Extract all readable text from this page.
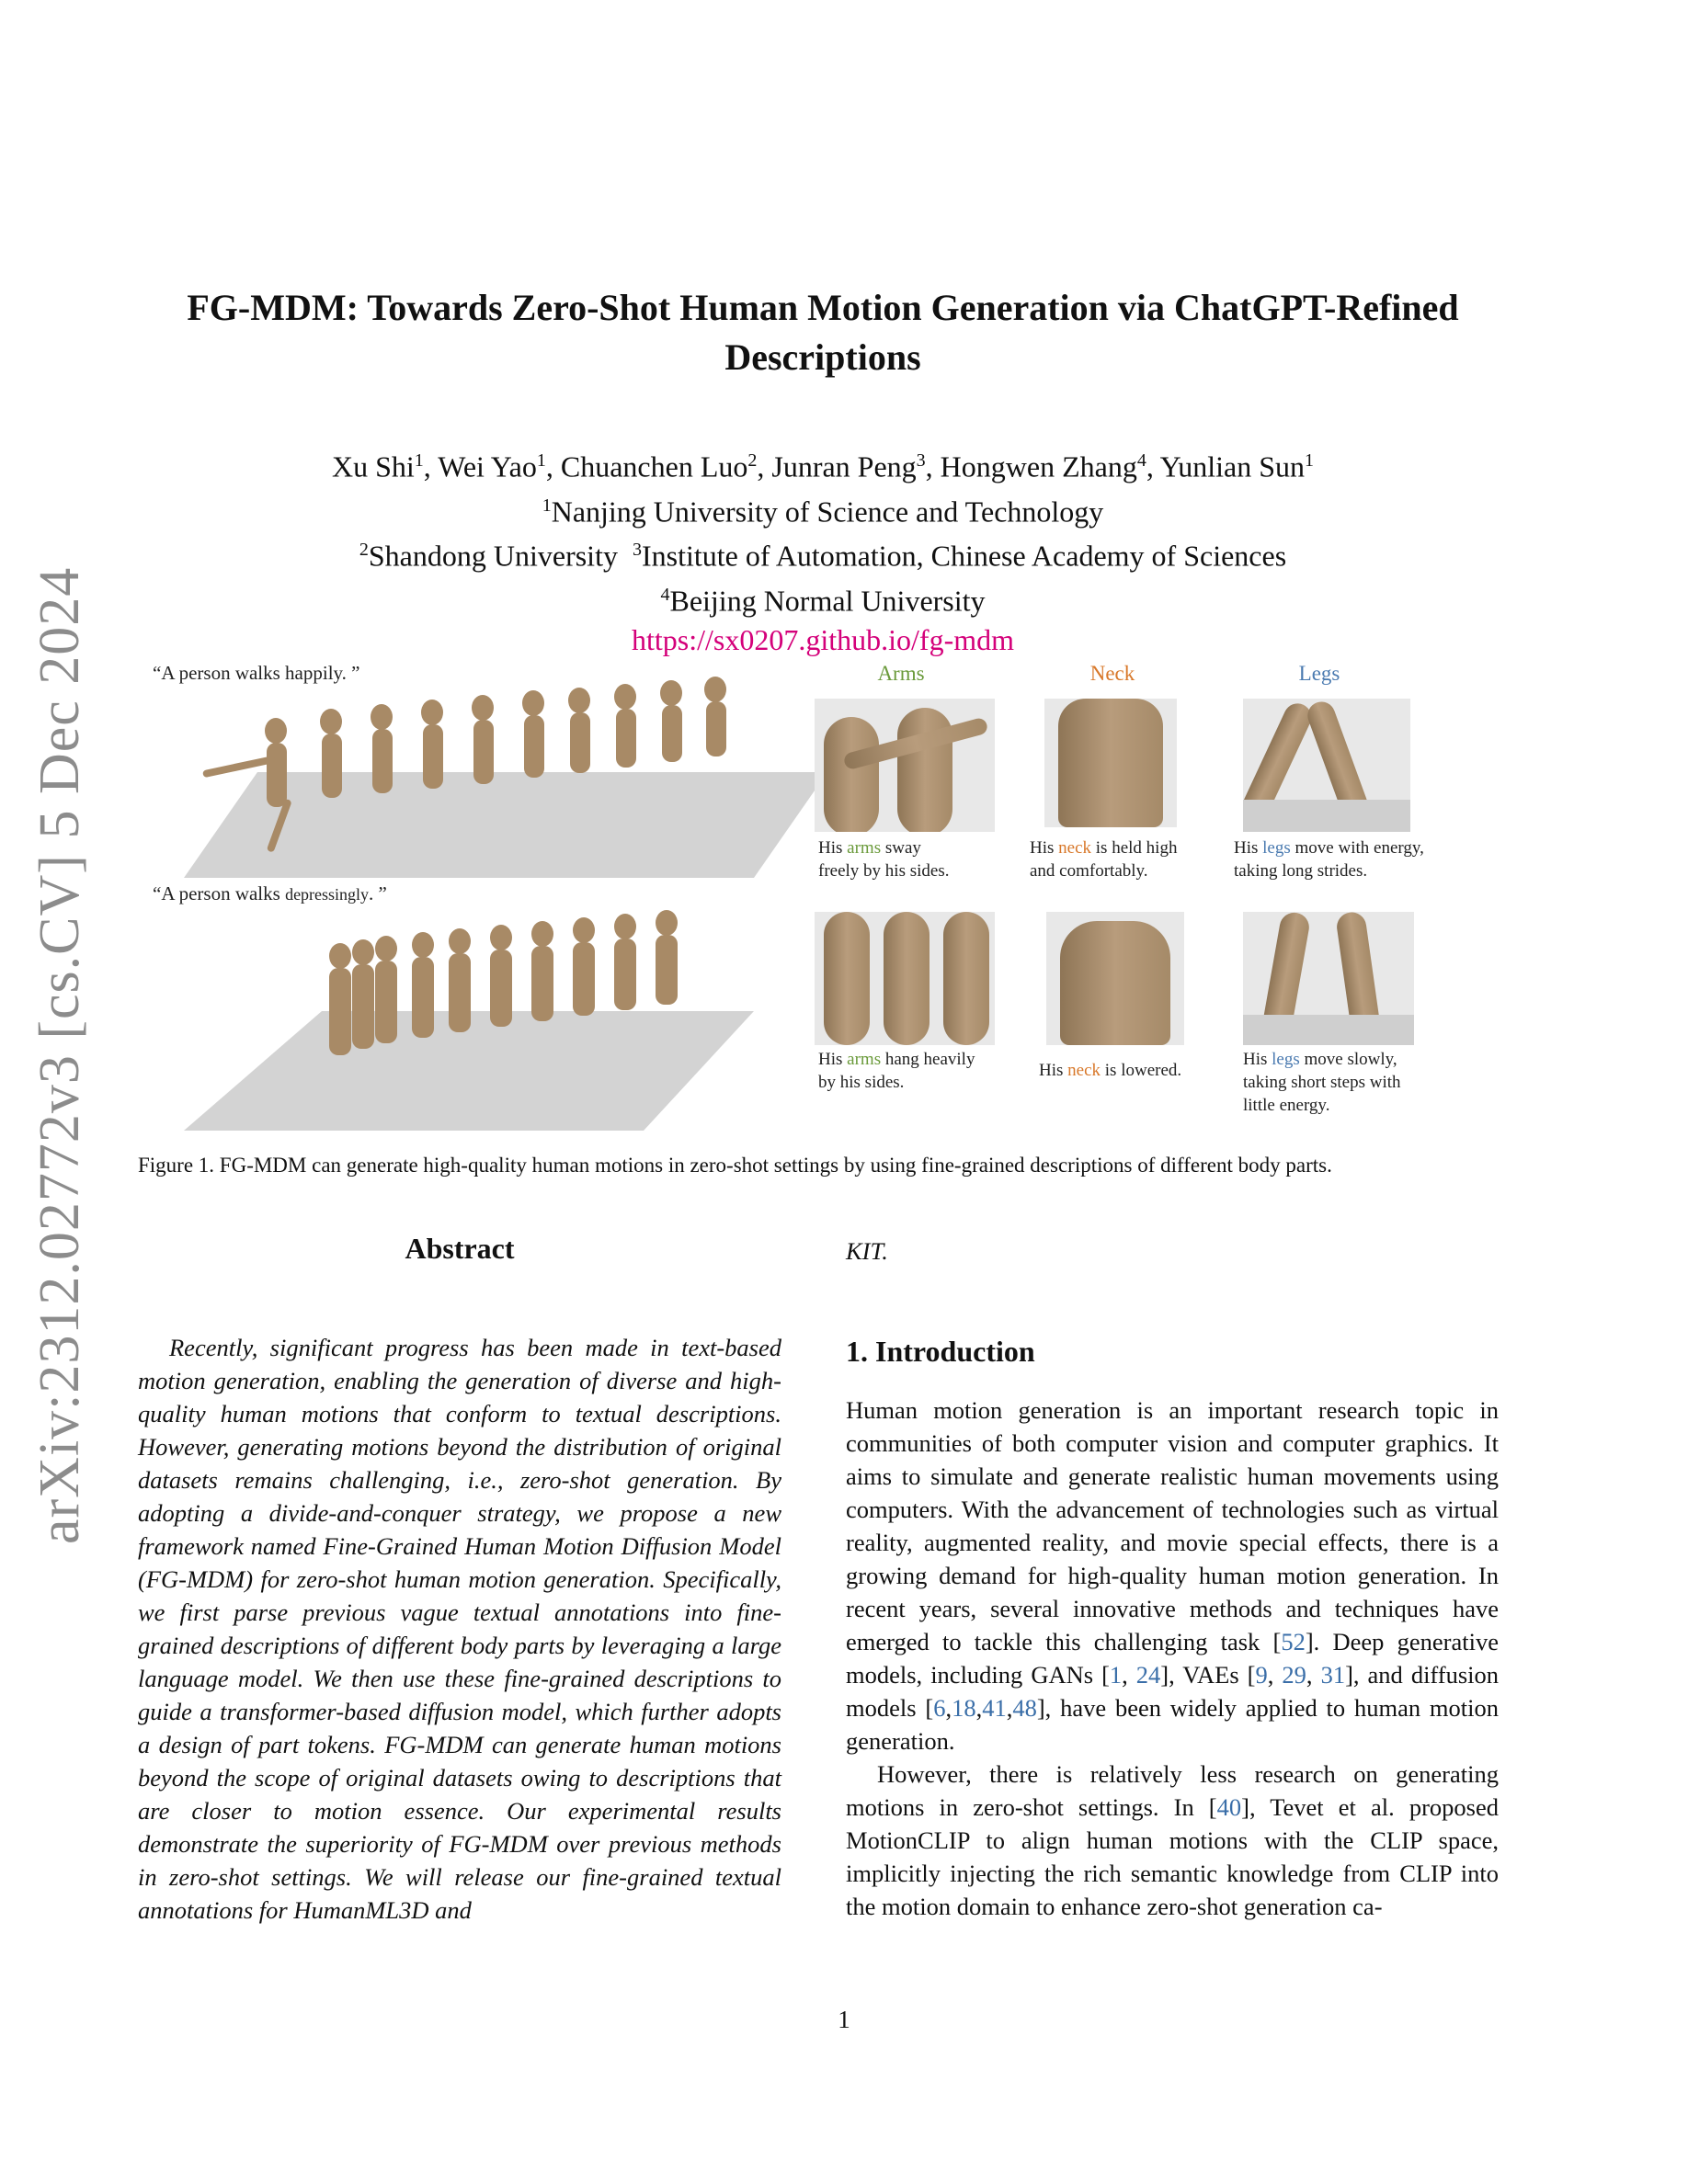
arXiv:2312.02772v3 [cs.CV] 5 Dec 2024
FG-MDM: Towards Zero-Shot Human Motion Generation via ChatGPT-Refined
Descriptions
Xu Shi$^1$, Wei Yao$^1$, Chuanchen Luo$^2$, Junran Peng$^3$, Hongwen Zhang$^4$, Yunlian Sun$^1$
$^1$Nanjing University of Science and Technology
$^2$Shandong University $^3$Institute of Automation, Chinese Academy of Sciences
$^4$Beijing Normal University
https://sx0207.github.io/fg-mdm
“A person walks happily. ”
“A person walks depressingly. ”
Arms	Neck	Legs
His arms sway
freely by his sides.
His neck is held high
and comfortably.
His legs move with energy,
taking long strides.
His arms hang heavily
by his sides.
His neck is lowered.
His legs move slowly,
taking short steps with
little energy.
Figure 1. FG-MDM can generate high-quality human motions in zero-shot settings by using fine-grained descriptions of different body parts.
Abstract

Recently, significant progress has been made in text-based motion generation, enabling the generation of diverse and high-quality human motions that conform to textual descriptions. However, generating motions beyond the distribution of original datasets remains challenging, i.e., zero-shot generation. By adopting a divide-and-conquer strategy, we propose a new framework named Fine-Grained Human Motion Diffusion Model (FG-MDM) for zero-shot human motion generation. Specifically, we first parse previous vague textual annotations into fine-grained descriptions of different body parts by leveraging a large language model. We then use these fine-grained descriptions to guide a transformer-based diffusion model, which further adopts a design of part tokens. FG-MDM can generate human motions beyond the scope of original datasets owing to descriptions that are closer to motion essence. Our experimental results demonstrate the superiority of FG-MDM over previous methods in zero-shot settings. We will release our fine-grained textual annotations for HumanML3D and

KIT.
1. Introduction

Human motion generation is an important research topic in communities of both computer vision and computer graphics. It aims to simulate and generate realistic human movements using computers. With the advancement of technologies such as virtual reality, augmented reality, and movie special effects, there is a growing demand for high-quality human motion generation. In recent years, several innovative methods and techniques have emerged to tackle this challenging task [52]. Deep generative models, including GANs [1, 24], VAEs [9, 29, 31], and diffusion models [6,18,41,48], have been widely applied to human motion generation.

However, there is relatively less research on generating motions in zero-shot settings. In [40], Tevet et al. proposed MotionCLIP to align human motions with the CLIP space, implicitly injecting the rich semantic knowledge from CLIP into the motion domain to enhance zero-shot generation ca-

1
